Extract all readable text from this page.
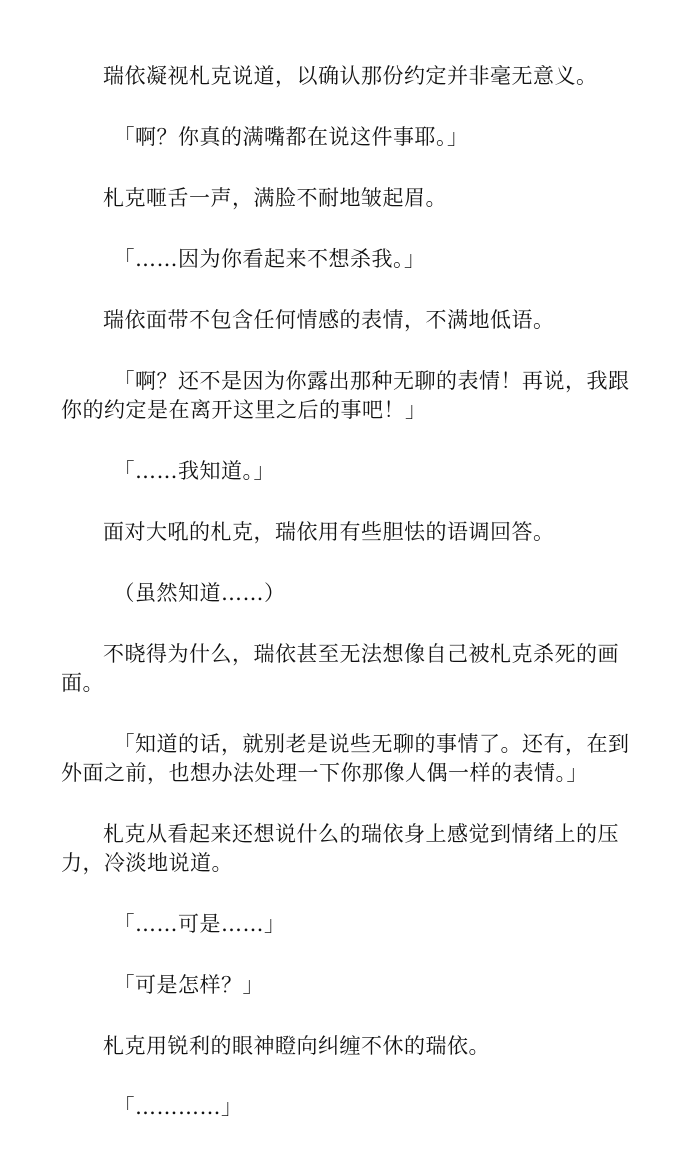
瑞依凝视札克说道，以确认那份约定并非毫无意义。

「啊？你真的满嘴都在说这件事耶。」

札克咂舌一声，满脸不耐地皱起眉。

「……因为你看起来不想杀我。」

瑞依面带不包含任何情感的表情，不满地低语。

「啊？还不是因为你露出那种无聊的表情！再说，我跟你的约定是在离开这里之后的事吧！」

「……我知道。」

面对大吼的札克，瑞依用有些胆怯的语调回答。

（虽然知道……）

不晓得为什么，瑞依甚至无法想像自己被札克杀死的画面。

「知道的话，就别老是说些无聊的事情了。还有，在到外面之前，也想办法处理一下你那像人偶一样的表情。」

札克从看起来还想说什么的瑞依身上感觉到情绪上的压力，冷淡地说道。

「……可是……」

「可是怎样？」

札克用锐利的眼神瞪向纠缠不休的瑞依。

「…………」
